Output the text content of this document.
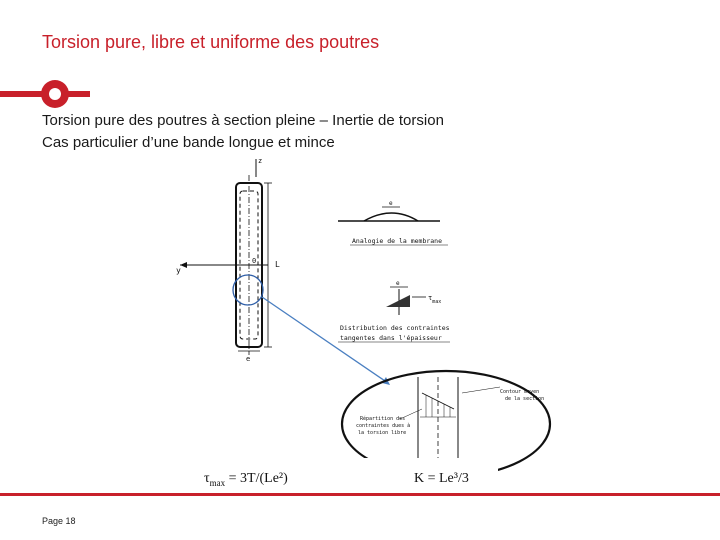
Torsion pure, libre et uniforme des poutres
Torsion pure des poutres à section pleine – Inertie de torsion
Cas particulier d’une bande longue et mince
z
y
0 L
e
e
Analogie de la membrane
e
$\tau_{max}$
Distribution des contraintes
tangentes dans l'épaisseur
Contour moyen
de la section
Répartition des
contraintes dues à
la torsion libre
$\tau_{max} = 3T/(Le^2)$	K = Le³/3
Page 18
